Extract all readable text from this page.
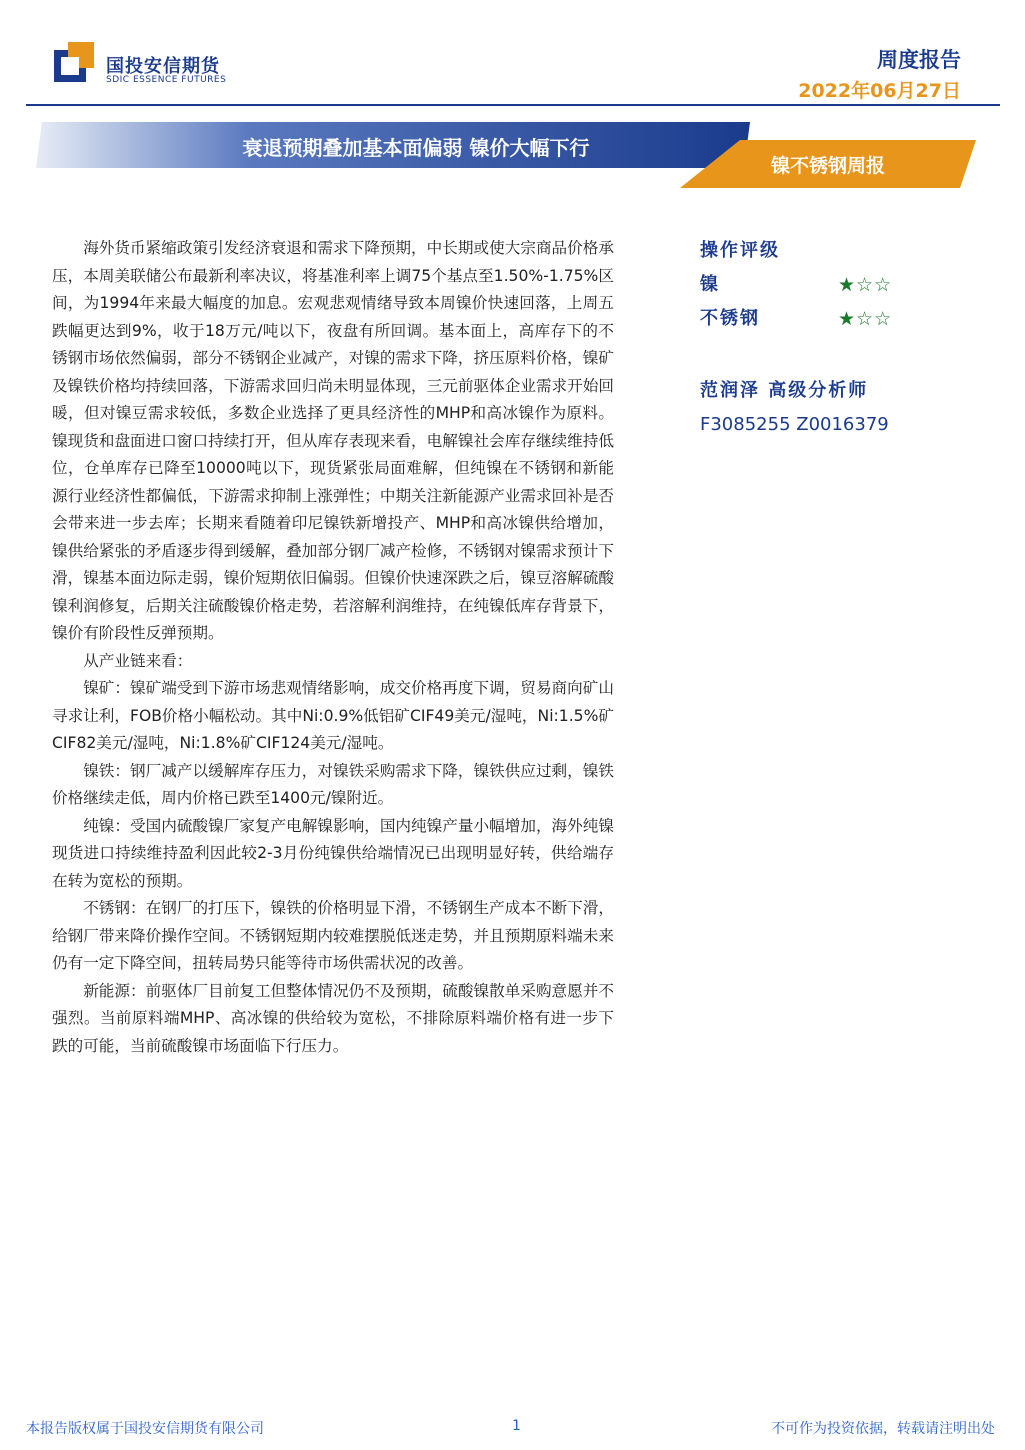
国投安信期货
SDIC ESSENCE FUTURES
周度报告
2022年06月27日
衰退预期叠加基本面偏弱 镍价大幅下行
镍不锈钢周报

海外货币紧缩政策引发经济衰退和需求下降预期，中长期或使大宗商品价格承压，本周美联储公布最新利率决议，将基准利率上调75个基点至1.50%-1.75%区间，为1994年来最大幅度的加息。宏观悲观情绪导致本周镍价快速回落，上周五跌幅更达到9%，收于18万元/吨以下，夜盘有所回调。基本面上，高库存下的不锈钢市场依然偏弱，部分不锈钢企业减产，对镍的需求下降，挤压原料价格，镍矿及镍铁价格均持续回落，下游需求回归尚未明显体现，三元前驱体企业需求开始回暖，但对镍豆需求较低，多数企业选择了更具经济性的MHP和高冰镍作为原料。镍现货和盘面进口窗口持续打开，但从库存表现来看，电解镍社会库存继续维持低位，仓单库存已降至10000吨以下，现货紧张局面难解，但纯镍在不锈钢和新能源行业经济性都偏低，下游需求抑制上涨弹性；中期关注新能源产业需求回补是否会带来进一步去库；长期来看随着印尼镍铁新增投产、MHP和高冰镍供给增加，镍供给紧张的矛盾逐步得到缓解，叠加部分钢厂减产检修，不锈钢对镍需求预计下滑，镍基本面边际走弱，镍价短期依旧偏弱。但镍价快速深跌之后，镍豆溶解硫酸镍利润修复，后期关注硫酸镍价格走势，若溶解利润维持，在纯镍低库存背景下，镍价有阶段性反弹预期。

从产业链来看：

镍矿：镍矿端受到下游市场悲观情绪影响，成交价格再度下调，贸易商向矿山寻求让利，FOB价格小幅松动。其中Ni:0.9%低铝矿CIF49美元/湿吨，Ni:1.5%矿CIF82美元/湿吨，Ni:1.8%矿CIF124美元/湿吨。

镍铁：钢厂减产以缓解库存压力，对镍铁采购需求下降，镍铁供应过剩，镍铁价格继续走低，周内价格已跌至1400元/镍附近。

纯镍：受国内硫酸镍厂家复产电解镍影响，国内纯镍产量小幅增加，海外纯镍现货进口持续维持盈利因此较2-3月份纯镍供给端情况已出现明显好转，供给端存在转为宽松的预期。

不锈钢：在钢厂的打压下，镍铁的价格明显下滑，不锈钢生产成本不断下滑，给钢厂带来降价操作空间。不锈钢短期内较难摆脱低迷走势，并且预期原料端未来仍有一定下降空间，扭转局势只能等待市场供需状况的改善。

新能源：前驱体厂目前复工但整体情况仍不及预期，硫酸镍散单采购意愿并不强烈。当前原料端MHP、高冰镍的供给较为宽松，不排除原料端价格有进一步下跌的可能，当前硫酸镍市场面临下行压力。

操作评级
镍	★☆☆
不锈钢	★☆☆
范润泽 高级分析师
F3085255 Z0016379
本报告版权属于国投安信期货有限公司	1	不可作为投资依据，转载请注明出处
